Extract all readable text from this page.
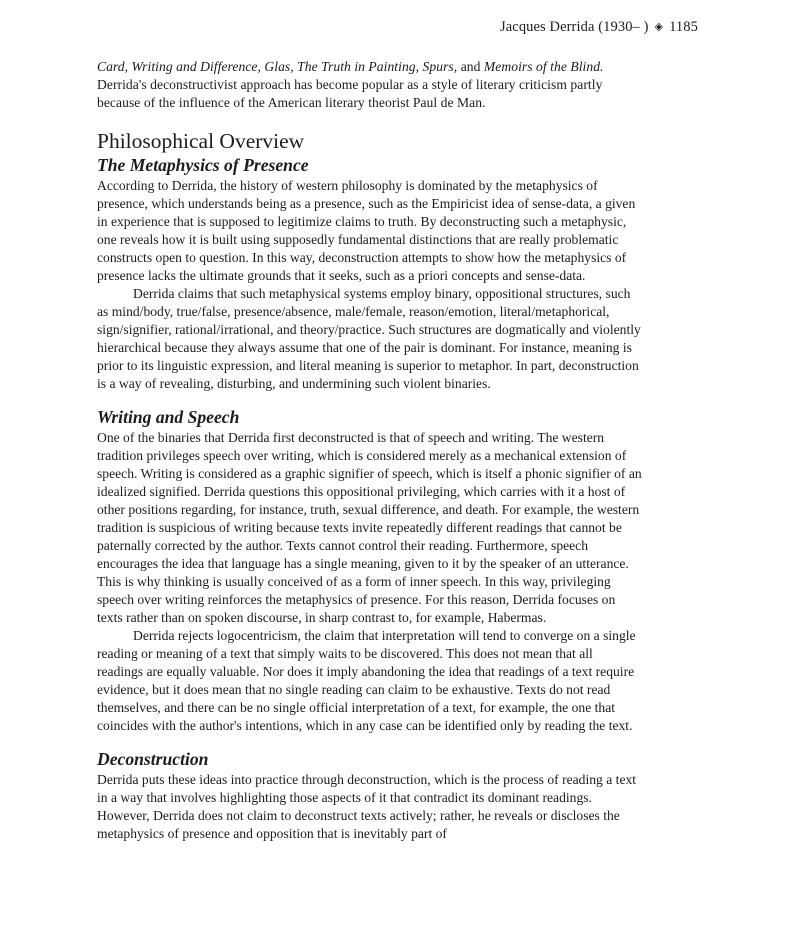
Jacques Derrida (1930– ) ◈ 1185

Card, Writing and Difference, Glas, The Truth in Painting, Spurs, and Memoirs of the Blind. Derrida's deconstructivist approach has become popular as a style of literary criticism partly because of the influence of the American literary theorist Paul de Man.

Philosophical Overview
The Metaphysics of Presence

According to Derrida, the history of western philosophy is dominated by the metaphysics of presence, which understands being as a presence, such as the Empiricist idea of sense-data, a given in experience that is supposed to legitimize claims to truth. By deconstructing such a metaphysic, one reveals how it is built using supposedly fundamental distinctions that are really problematic constructs open to question. In this way, deconstruction attempts to show how the metaphysics of presence lacks the ultimate grounds that it seeks, such as a priori concepts and sense-data.

Derrida claims that such metaphysical systems employ binary, oppositional structures, such as mind/body, true/false, presence/absence, male/female, reason/emotion, literal/metaphorical, sign/signifier, rational/irrational, and theory/practice. Such structures are dogmatically and violently hierarchical because they always assume that one of the pair is dominant. For instance, meaning is prior to its linguistic expression, and literal meaning is superior to metaphor. In part, deconstruction is a way of revealing, disturbing, and undermining such violent binaries.

Writing and Speech

One of the binaries that Derrida first deconstructed is that of speech and writing. The western tradition privileges speech over writing, which is considered merely as a mechanical extension of speech. Writing is considered as a graphic signifier of speech, which is itself a phonic signifier of an idealized signified. Derrida questions this oppositional privileging, which carries with it a host of other positions regarding, for instance, truth, sexual difference, and death. For example, the western tradition is suspicious of writing because texts invite repeatedly different readings that cannot be paternally corrected by the author. Texts cannot control their reading. Furthermore, speech encourages the idea that language has a single meaning, given to it by the speaker of an utterance. This is why thinking is usually conceived of as a form of inner speech. In this way, privileging speech over writing reinforces the metaphysics of presence. For this reason, Derrida focuses on texts rather than on spoken discourse, in sharp contrast to, for example, Habermas.

Derrida rejects logocentricism, the claim that interpretation will tend to converge on a single reading or meaning of a text that simply waits to be discovered. This does not mean that all readings are equally valuable. Nor does it imply abandoning the idea that readings of a text require evidence, but it does mean that no single reading can claim to be exhaustive. Texts do not read themselves, and there can be no single official interpretation of a text, for example, the one that coincides with the author's intentions, which in any case can be identified only by reading the text.

Deconstruction

Derrida puts these ideas into practice through deconstruction, which is the process of reading a text in a way that involves highlighting those aspects of it that contradict its dominant readings. However, Derrida does not claim to deconstruct texts actively; rather, he reveals or discloses the metaphysics of presence and opposition that is inevitably part of
